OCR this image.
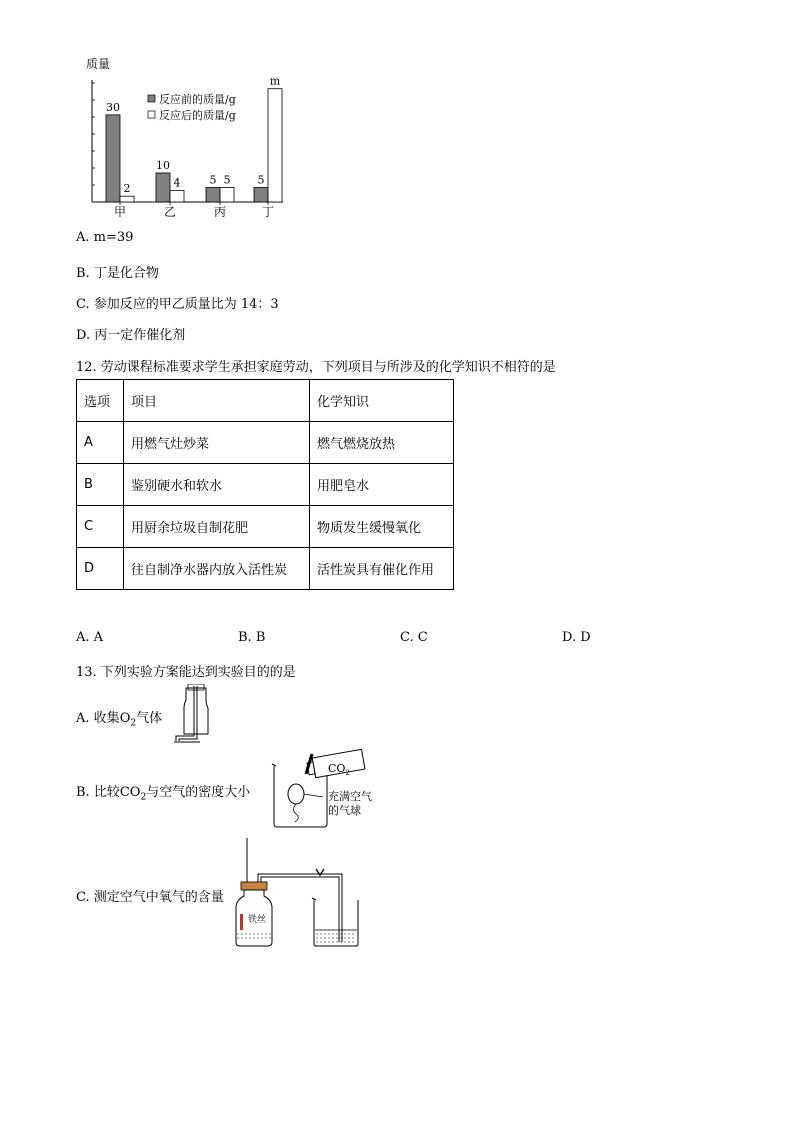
质量
30
2
10
4	5 5 5
m
甲	乙	丙	丁
反应前的质量/g
反应后的质量/g
A. m=39
B. 丁是化合物
C. 参加反应的甲乙质量比为 14：3
D. 丙一定作催化剂
12. 劳动课程标准要求学生承担家庭劳动，下列项目与所涉及的化学知识不相符的是
选项	项目	化学知识
A	用燃气灶炒菜	燃气燃烧放热
B	鉴别硬水和软水	用肥皂水
C	用厨余垃圾自制花肥	物质发生缓慢氧化
D	往自制净水器内放入活性炭	活性炭具有催化作用
A. A	B. B	C. C	D. D
13. 下列实验方案能达到实验目的的是
A. 收集$O_2$气体
B. 比较$CO_2$与空气的密度大小
$CO_2$
充满空气
的气球
C. 测定空气中氧气的含量
铁丝
